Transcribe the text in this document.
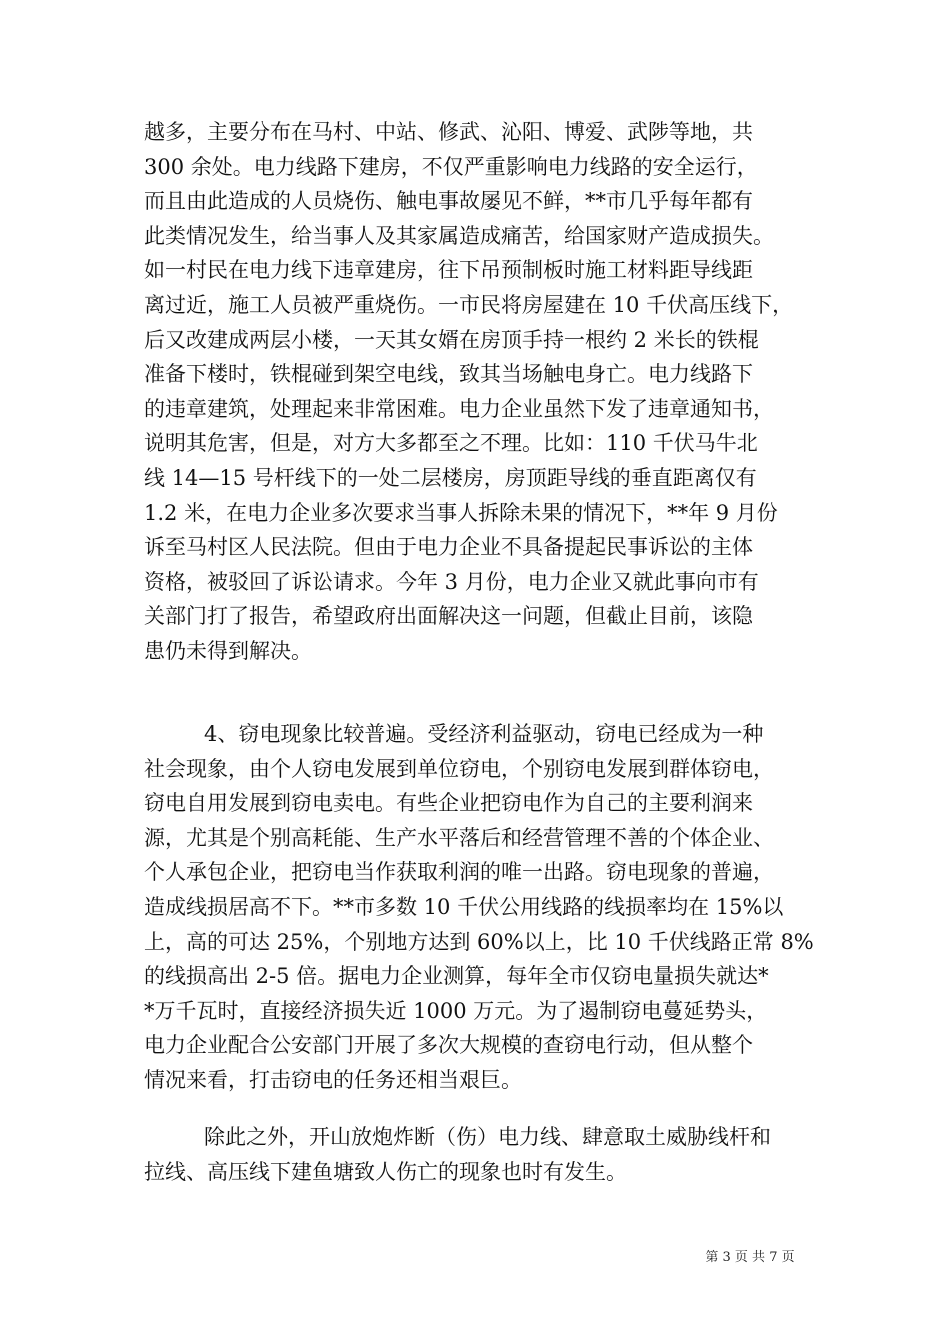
越多，主要分布在马村、中站、修武、沁阳、博爱、武陟等地，共
300 余处。电力线路下建房，不仅严重影响电力线路的安全运行，
而且由此造成的人员烧伤、触电事故屡见不鲜，**市几乎每年都有
此类情况发生，给当事人及其家属造成痛苦，给国家财产造成损失。
如一村民在电力线下违章建房，往下吊预制板时施工材料距导线距
离过近，施工人员被严重烧伤。一市民将房屋建在 10 千伏高压线下，
后又改建成两层小楼，一天其女婿在房顶手持一根约 2 米长的铁棍
准备下楼时，铁棍碰到架空电线，致其当场触电身亡。电力线路下
的违章建筑，处理起来非常困难。电力企业虽然下发了违章通知书，
说明其危害，但是，对方大多都至之不理。比如：110 千伏马牛北
线 14—15 号杆线下的一处二层楼房，房顶距导线的垂直距离仅有
1.2 米，在电力企业多次要求当事人拆除未果的情况下，**年 9 月份
诉至马村区人民法院。但由于电力企业不具备提起民事诉讼的主体
资格，被驳回了诉讼请求。今年 3 月份，电力企业又就此事向市有
关部门打了报告，希望政府出面解决这一问题，但截止目前，该隐
患仍未得到解决。

4、窃电现象比较普遍。受经济利益驱动，窃电已经成为一种
社会现象，由个人窃电发展到单位窃电，个别窃电发展到群体窃电，
窃电自用发展到窃电卖电。有些企业把窃电作为自己的主要利润来
源，尤其是个别高耗能、生产水平落后和经营管理不善的个体企业、
个人承包企业，把窃电当作获取利润的唯一出路。窃电现象的普遍，
造成线损居高不下。**市多数 10 千伏公用线路的线损率均在 15%以
上，高的可达 25%，个别地方达到 60%以上，比 10 千伏线路正常 8%
的线损高出 2-5 倍。据电力企业测算，每年全市仅窃电量损失就达*
*万千瓦时，直接经济损失近 1000 万元。为了遏制窃电蔓延势头，
电力企业配合公安部门开展了多次大规模的查窃电行动，但从整个
情况来看，打击窃电的任务还相当艰巨。

除此之外，开山放炮炸断（伤）电力线、肆意取土威胁线杆和
拉线、高压线下建鱼塘致人伤亡的现象也时有发生。

第 3 页 共 7 页
